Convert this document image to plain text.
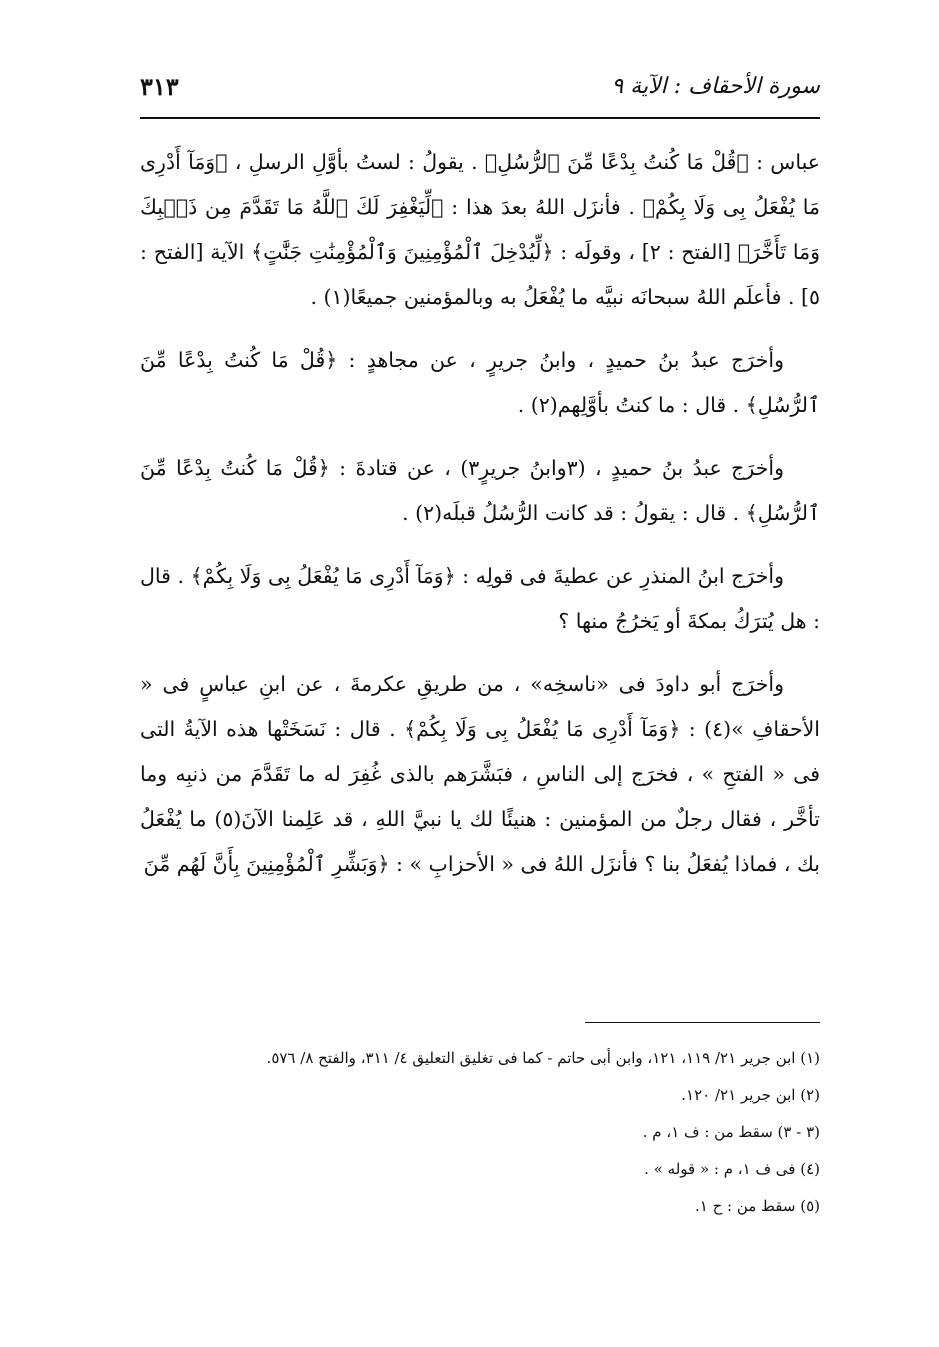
سورة الأحقاف : الآية ٩
٣١٣

عباس : ﴿قُلْ مَا كُنتُ بِدْعًا مِّنَ ٱلرُّسُلِ﴾ . يقولُ : لستُ بأوَّلِ الرسلِ ، ﴿وَمَآ أَدْرِى مَا يُفْعَلُ بِى وَلَا بِكُمْ﴾ . فأنزَل اللهُ بعدَ هذا : ﴿لِّيَغْفِرَ لَكَ ٱللَّهُ مَا تَقَدَّمَ مِن ذَنۢبِكَ وَمَا تَأَخَّرَ﴾ [الفتح : ٢] ، وقولَه : ﴿لِّيُدْخِلَ ٱلْمُؤْمِنِينَ وَٱلْمُؤْمِنَٰتِ جَنَّٰتٍ﴾ الآية [الفتح : ٥] . فأعلَم اللهُ سبحانَه نبيَّه ما يُفْعَلُ به وبالمؤمنين جميعًا(١) .

وأخرَج عبدُ بنُ حميدٍ ، وابنُ جريرٍ ، عن مجاهدٍ : ﴿قُلْ مَا كُنتُ بِدْعًا مِّنَ ٱلرُّسُلِ﴾ . قال : ما كنتُ بأوَّلِهم(٢) .

وأخرَج عبدُ بنُ حميدٍ ، (٣وابنُ جريرٍ٣) ، عن قتادةَ : ﴿قُلْ مَا كُنتُ بِدْعًا مِّنَ ٱلرُّسُلِ﴾ . قال : يقولُ : قد كانت الرُّسُلُ قبلَه(٢) .

وأخرَج ابنُ المنذرِ عن عطيةَ فى قولِه : ﴿وَمَآ أَدْرِى مَا يُفْعَلُ بِى وَلَا بِكُمْ﴾ . قال : هل يُترَكُ بمكةَ أو يَخرُجُ منها ؟

وأخرَج أبو داودَ فى «ناسخِه» ، من طريقِ عكرمةَ ، عن ابنِ عباسٍ فى « الأحقافِ »(٤) : ﴿وَمَآ أَدْرِى مَا يُفْعَلُ بِى وَلَا بِكُمْ﴾ . قال : نَسَخَتْها هذه الآيةُ التى فى « الفتحِ » ، فخرَج إلى الناسِ ، فبَشَّرَهم بالذى غُفِرَ له ما تَقَدَّمَ من ذنبِه وما تأخَّر ، فقال رجلٌ من المؤمنين : هنيئًا لك يا نبيَّ اللهِ ، قد عَلِمنا الآنَ(٥) ما يُفْعَلُ بك ، فماذا يُفعَلُ بنا ؟ فأنزَل اللهُ فى « الأحزابِ » : ﴿وَبَشِّرِ ٱلْمُؤْمِنِينَ بِأَنَّ لَهُم مِّنَ

(١) ابن جرير ٢١/ ١١٩، ١٢١، وابن أبى حاتم - كما فى تغليق التعليق ٤/ ٣١١، والفتح ٨/ ٥٧٦.

(٢) ابن جرير ٢١/ ١٢٠.

(٣ - ٣) سقط من : ف ١، م .

(٤) فى ف ١، م : « قوله » .

(٥) سقط من : ح ١.
